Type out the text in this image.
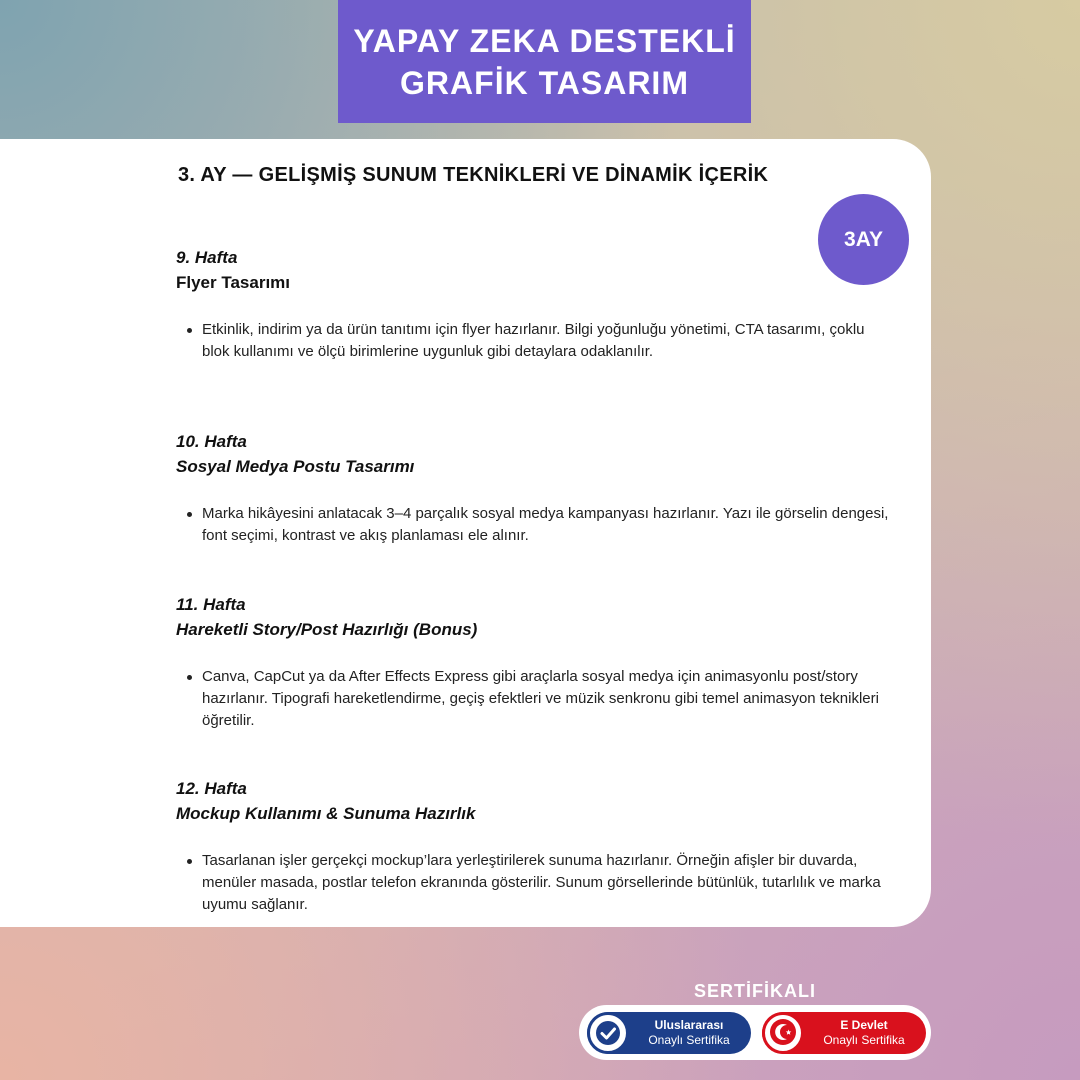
YAPAY ZEKA DESTEKLİ
GRAFİK TASARIM
3. AY — GELİŞMİŞ SUNUM TEKNİKLERİ VE DİNAMİK İÇERİK
3AY
9. Hafta
Flyer Tasarımı
Etkinlik, indirim ya da ürün tanıtımı için flyer hazırlanır. Bilgi yoğunluğu yönetimi, CTA tasarımı, çoklu blok kullanımı ve ölçü birimlerine uygunluk gibi detaylara odaklanılır.
10. Hafta
Sosyal Medya Postu Tasarımı
Marka hikâyesini anlatacak 3–4 parçalık sosyal medya kampanyası hazırlanır. Yazı ile görselin dengesi, font seçimi, kontrast ve akış planlaması ele alınır.
11. Hafta
Hareketli Story/Post Hazırlığı (Bonus)
Canva, CapCut ya da After Effects Express gibi araçlarla sosyal medya için animasyonlu post/story hazırlanır. Tipografi hareketlendirme, geçiş efektleri ve müzik senkronu gibi temel animasyon teknikleri öğretilir.
12. Hafta
Mockup Kullanımı & Sunuma Hazırlık
Tasarlanan işler gerçekçi mockup’lara yerleştirilerek sunuma hazırlanır. Örneğin afişler bir duvarda, menüler masada, postlar telefon ekranında gösterilir. Sunum görsellerinde bütünlük, tutarlılık ve marka uyumu sağlanır.
SERTİFİKALI
Uluslararası
Onaylı Sertifika
E Devlet
Onaylı Sertifika
